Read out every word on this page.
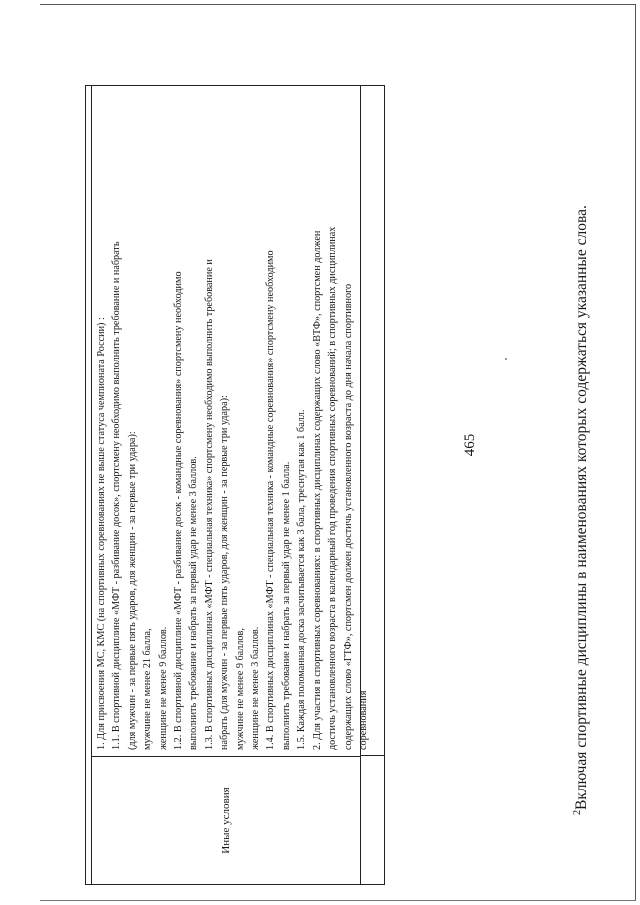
Иные условия

1. Для присвоения МС, КМС (на спортивных соревнованиях не выше статуса чемпионата России) : 1.1. В спортивной дисциплине «МФТ - разбивание досок», спортсмену необходимо выполнить требование и набрать (для мужчин - за первые пять ударов, для женщин - за первые три удара): мужчине не менее 21 балла, женщине не менее 9 баллов. 1.2. В спортивной дисциплине «МФТ - разбивание досок - командные соревнования» спортсмену необходимо выполнить требование и набрать за первый удар не менее 3 баллов. 1.3. В спортивных дисциплинах «МФТ - специальная техника» спортсмену необходимо выполнить требование и набрать (для мужчин - за первые пять ударов, для женщин - за первые три удара): мужчине не менее 9 баллов, женщине не менее 3 баллов. 1.4. В спортивных дисциплинах «МФТ - специальная техника - командные соревнования» спортсмену необходимо выполнить требование и набрать за первый удар не менее 1 балла. 1.5. Каждая поломанная доска засчитывается как 3 бала, треснутая как 1 балл. 2. Для участия в спортивных соревнованиях: в спортивных дисциплинах содержащих слово «ВТФ», спортсмен должен достичь установленного возраста в календарный год проведения спортивных соревнований; в спортивных дисциплинах содержащих слово «ГТФ», спортсмен должен достичь установленного возраста до дня начала спортивного соревнования

465
$^2$Включая спортивные дисциплины в наименованиях которых содержаться указанные слова.
